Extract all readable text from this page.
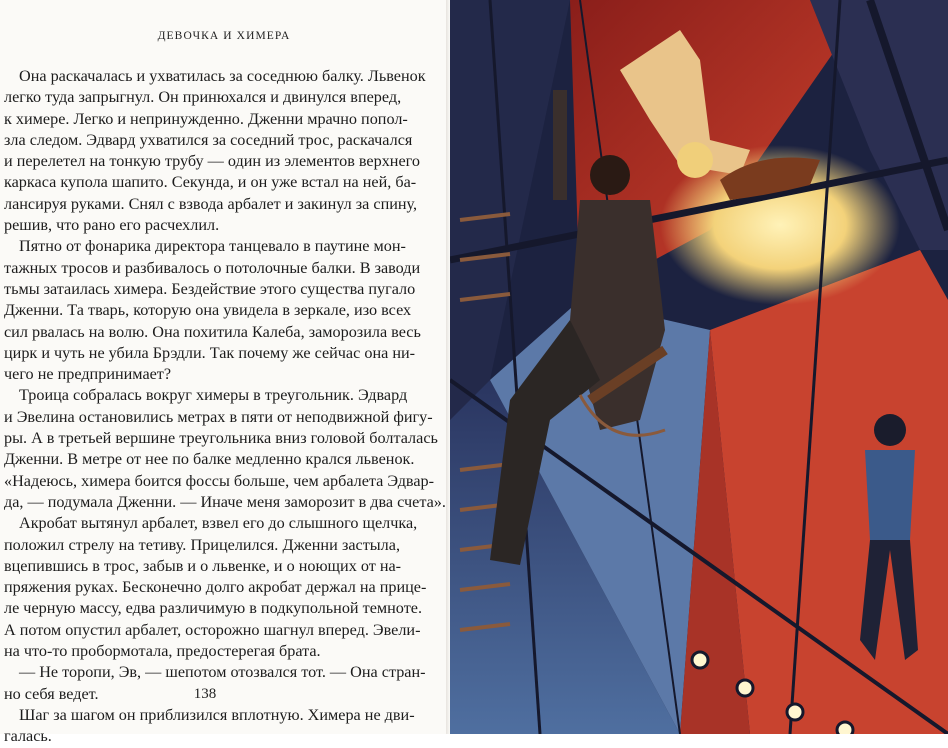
ДЕВОЧКА И ХИМЕРА
Она раскачалась и ухватилась за соседнюю балку. Львенок
легко туда запрыгнул. Он принюхался и двинулся вперед,
к химере. Легко и непринужденно. Дженни мрачно попол-
зла следом. Эдвард ухватился за соседний трос, раскачался
и перелетел на тонкую трубу — один из элементов верхнего
каркаса купола шапито. Секунда, и он уже встал на ней, ба-
лансируя руками. Снял с взвода арбалет и закинул за спину,
решив, что рано его расчехлил.
Пятно от фонарика директора танцевало в паутине мон-
тажных тросов и разбивалось о потолочные балки. В заводи
тьмы затаилась химера. Бездействие этого существа пугало
Дженни. Та тварь, которую она увидела в зеркале, изо всех
сил рвалась на волю. Она похитила Калеба, заморозила весь
цирк и чуть не убила Брэдли. Так почему же сейчас она ни-
чего не предпринимает?
Троица собралась вокруг химеры в треугольник. Эдвард
и Эвелина остановились метрах в пяти от неподвижной фигу-
ры. А в третьей вершине треугольника вниз головой болталась
Дженни. В метре от нее по балке медленно крался львенок.
«Надеюсь, химера боится фоссы больше, чем арбалета Эдвар-
да, — подумала Дженни. — Иначе меня заморозит в два счета».
Акробат вытянул арбалет, взвел его до слышного щелчка,
положил стрелу на тетиву. Прицелился. Дженни застыла,
вцепившись в трос, забыв и о львенке, и о ноющих от на-
пряжения руках. Бесконечно долго акробат держал на прице-
ле черную массу, едва различимую в подкупольной темноте.
А потом опустил арбалет, осторожно шагнул вперед. Эвели-
на что-то пробормотала, предостерегая брата.
— Не торопи, Эв, — шепотом отозвался тот. — Она стран-
но себя ведет.
Шаг за шагом он приблизился вплотную. Химера не дви-
галась.
138
